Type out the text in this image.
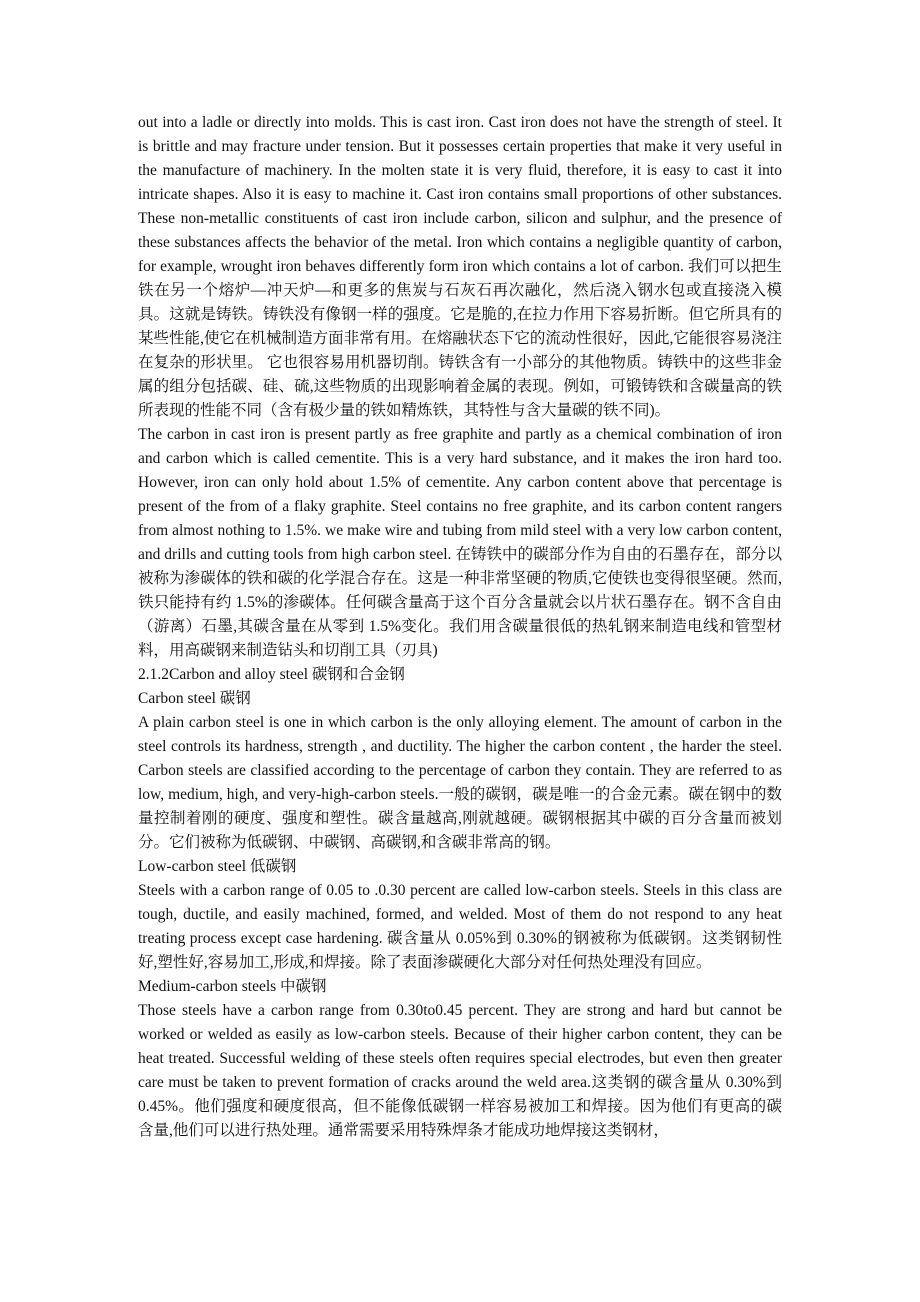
out into a ladle or directly into molds. This is cast iron. Cast iron does not have the strength of steel. It is brittle and may fracture under tension. But it possesses certain properties that make it very useful in the manufacture of machinery. In the molten state it is very fluid, therefore, it is easy to cast it into intricate shapes. Also it is easy to machine it. Cast iron contains small proportions of other substances. These non-metallic constituents of cast iron include carbon, silicon and sulphur, and the presence of these substances affects the behavior of the metal. Iron which contains a negligible quantity of carbon, for example, wrought iron behaves differently form iron which contains a lot of carbon. 我们可以把生铁在另一个熔炉—冲天炉—和更多的焦炭与石灰石再次融化，然后浇入钢水包或直接浇入模具。这就是铸铁。铸铁没有像钢一样的强度。它是脆的,在拉力作用下容易折断。但它所具有的某些性能,使它在机械制造方面非常有用。在熔融状态下它的流动性很好，因此,它能很容易浇注在复杂的形状里。 它也很容易用机器切削。铸铁含有一小部分的其他物质。铸铁中的这些非金属的组分包括碳、硅、硫,这些物质的出现影响着金属的表现。例如，可锻铸铁和含碳量高的铁所表现的性能不同（含有极少量的铁如精炼铁，其特性与含大量碳的铁不同)。

The carbon in cast iron is present partly as free graphite and partly as a chemical combination of iron and carbon which is called cementite. This is a very hard substance, and it makes the iron hard too. However, iron can only hold about 1.5% of cementite. Any carbon content above that percentage is present of the from of a flaky graphite. Steel contains no free graphite, and its carbon content rangers from almost nothing to 1.5%. we make wire and tubing from mild steel with a very low carbon content, and drills and cutting tools from high carbon steel. 在铸铁中的碳部分作为自由的石墨存在，部分以被称为渗碳体的铁和碳的化学混合存在。这是一种非常坚硬的物质,它使铁也变得很坚硬。然而,铁只能持有约 1.5%的渗碳体。任何碳含量高于这个百分含量就会以片状石墨存在。钢不含自由（游离）石墨,其碳含量在从零到 1.5%变化。我们用含碳量很低的热轧钢来制造电线和管型材料，用高碳钢来制造钻头和切削工具（刃具)

2.1.2Carbon and alloy steel 碳钢和合金钢

Carbon steel 碳钢

A plain carbon steel is one in which carbon is the only alloying element. The amount of carbon in the steel controls its hardness, strength , and ductility. The higher the carbon content , the harder the steel. Carbon steels are classified according to the percentage of carbon they contain. They are referred to as low, medium, high, and very-high-carbon steels.一般的碳钢，碳是唯一的合金元素。碳在钢中的数量控制着刚的硬度、强度和塑性。碳含量越高,刚就越硬。碳钢根据其中碳的百分含量而被划分。它们被称为低碳钢、中碳钢、高碳钢,和含碳非常高的钢。

Low-carbon steel 低碳钢

Steels with a carbon range of 0.05 to .0.30 percent are called low-carbon steels. Steels in this class are tough, ductile, and easily machined, formed, and welded. Most of them do not respond to any heat treating process except case hardening. 碳含量从 0.05%到 0.30%的钢被称为低碳钢。这类钢韧性好,塑性好,容易加工,形成,和焊接。除了表面渗碳硬化大部分对任何热处理没有回应。

Medium-carbon steels 中碳钢

Those steels have a carbon range from 0.30to0.45 percent. They are strong and hard but cannot be worked or welded as easily as low-carbon steels. Because of their higher carbon content, they can be heat treated. Successful welding of these steels often requires special electrodes, but even then greater care must be taken to prevent formation of cracks around the weld area.这类钢的碳含量从 0.30%到 0.45%。他们强度和硬度很高，但不能像低碳钢一样容易被加工和焊接。因为他们有更高的碳含量,他们可以进行热处理。通常需要采用特殊焊条才能成功地焊接这类钢材，
